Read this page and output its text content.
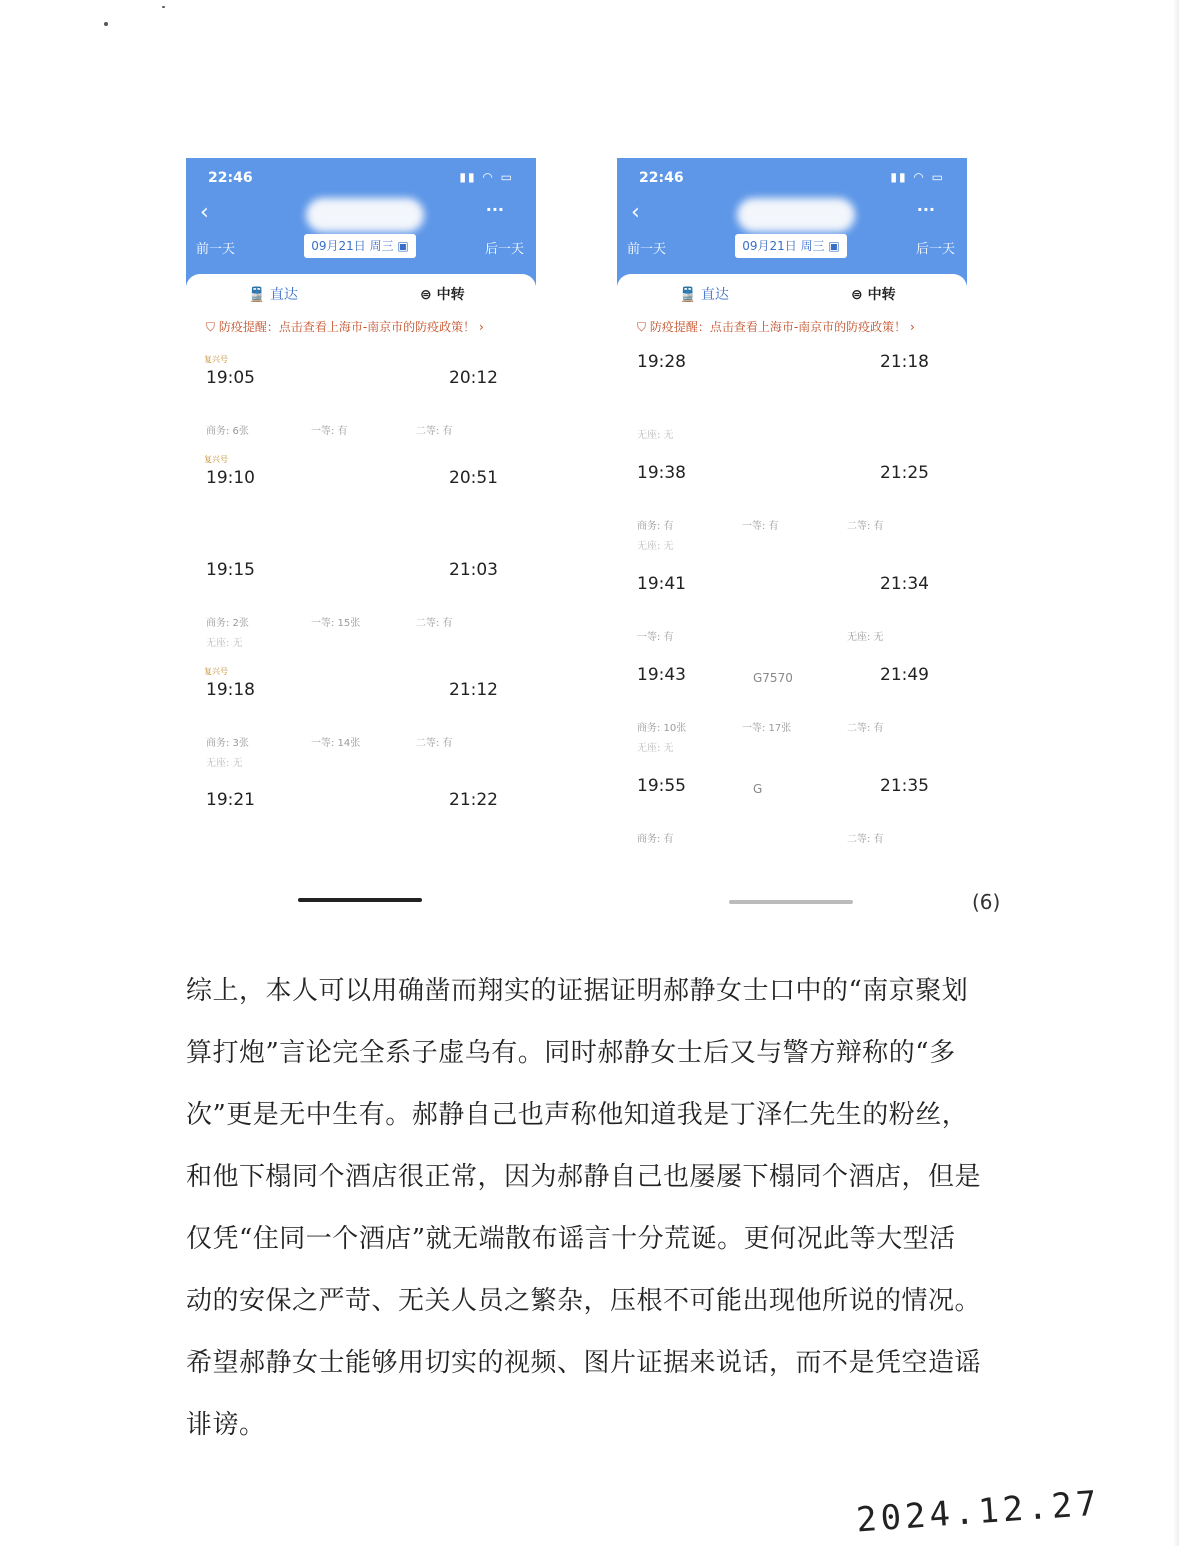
22:46	▮▮ ◠ ▭
‹	···
前一天	09月21日 周三 ▣	后一天
🚆 直达	⊜ 中转
⛉ 防疫提醒：点击查看上海市-南京市的防疫政策！ ›
复兴号
19:05	20:12
商务: 6张	一等: 有	二等: 有
复兴号
19:10	20:51
19:15	21:03
商务: 2张	一等: 15张	二等: 有
无座: 无
复兴号
19:18	21:12
商务: 3张	一等: 14张	二等: 有
无座: 无
19:21	21:22
22:46	▮▮ ◠ ▭
‹	···
前一天	09月21日 周三 ▣	后一天
🚆 直达	⊜ 中转
⛉ 防疫提醒：点击查看上海市-南京市的防疫政策！ ›
19:28	21:18
无座: 无
19:38	21:25
商务: 有	一等: 有	二等: 有
无座: 无
19:41	21:34
一等: 有	无座: 无
19:43	G7570	21:49
商务: 10张	一等: 17张	二等: 有
无座: 无
19:55	G	21:35
商务: 有	二等: 有
(6)
综上，本人可以用确凿而翔实的证据证明郝静女士口中的“南京聚划
算打炮”言论完全系子虚乌有。同时郝静女士后又与警方辩称的“多
次”更是无中生有。郝静自己也声称他知道我是丁泽仁先生的粉丝，
和他下榻同个酒店很正常，因为郝静自己也屡屡下榻同个酒店，但是
仅凭“住同一个酒店”就无端散布谣言十分荒诞。更何况此等大型活
动的安保之严苛、无关人员之繁杂，压根不可能出现他所说的情况。
希望郝静女士能够用切实的视频、图片证据来说话，而不是凭空造谣
诽谤。
2024.12.27
